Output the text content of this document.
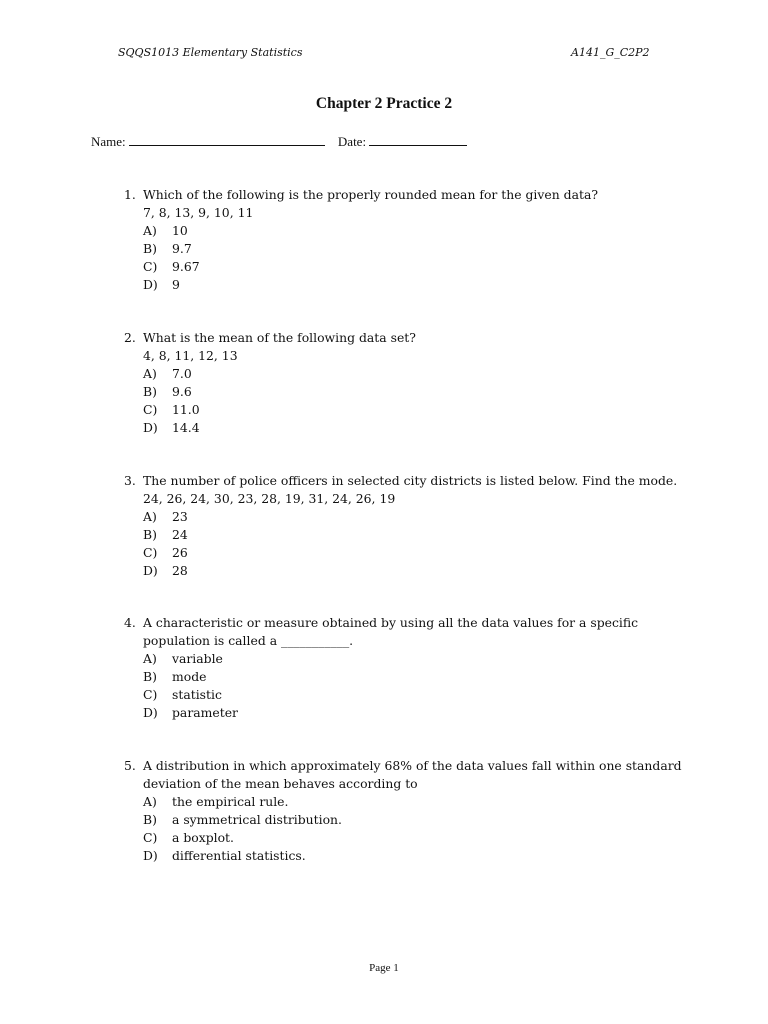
SQQS1013 Elementary Statistics	A141_G_C2P2
Chapter 2 Practice 2
Name:	Date:
1. Which of the following is the properly rounded mean for the given data?
7, 8, 13, 9, 10, 11
A)	10
B)	9.7
C)	9.67
D)	9
2. What is the mean of the following data set?
4, 8, 11, 12, 13
A)	7.0
B)	9.6
C)	11.0
D)	14.4
3. The number of police officers in selected city districts is listed below. Find the mode.
24, 26, 24, 30, 23, 28, 19, 31, 24, 26, 19
A)	23
B)	24
C)	26
D)	28
4. A characteristic or measure obtained by using all the data values for a specific
population is called a ___________.
A)	variable
B)	mode
C)	statistic
D)	parameter
5. A distribution in which approximately 68% of the data values fall within one standard
deviation of the mean behaves according to
A)	the empirical rule.
B)	a symmetrical distribution.
C)	a boxplot.
D)	differential statistics.
Page 1
